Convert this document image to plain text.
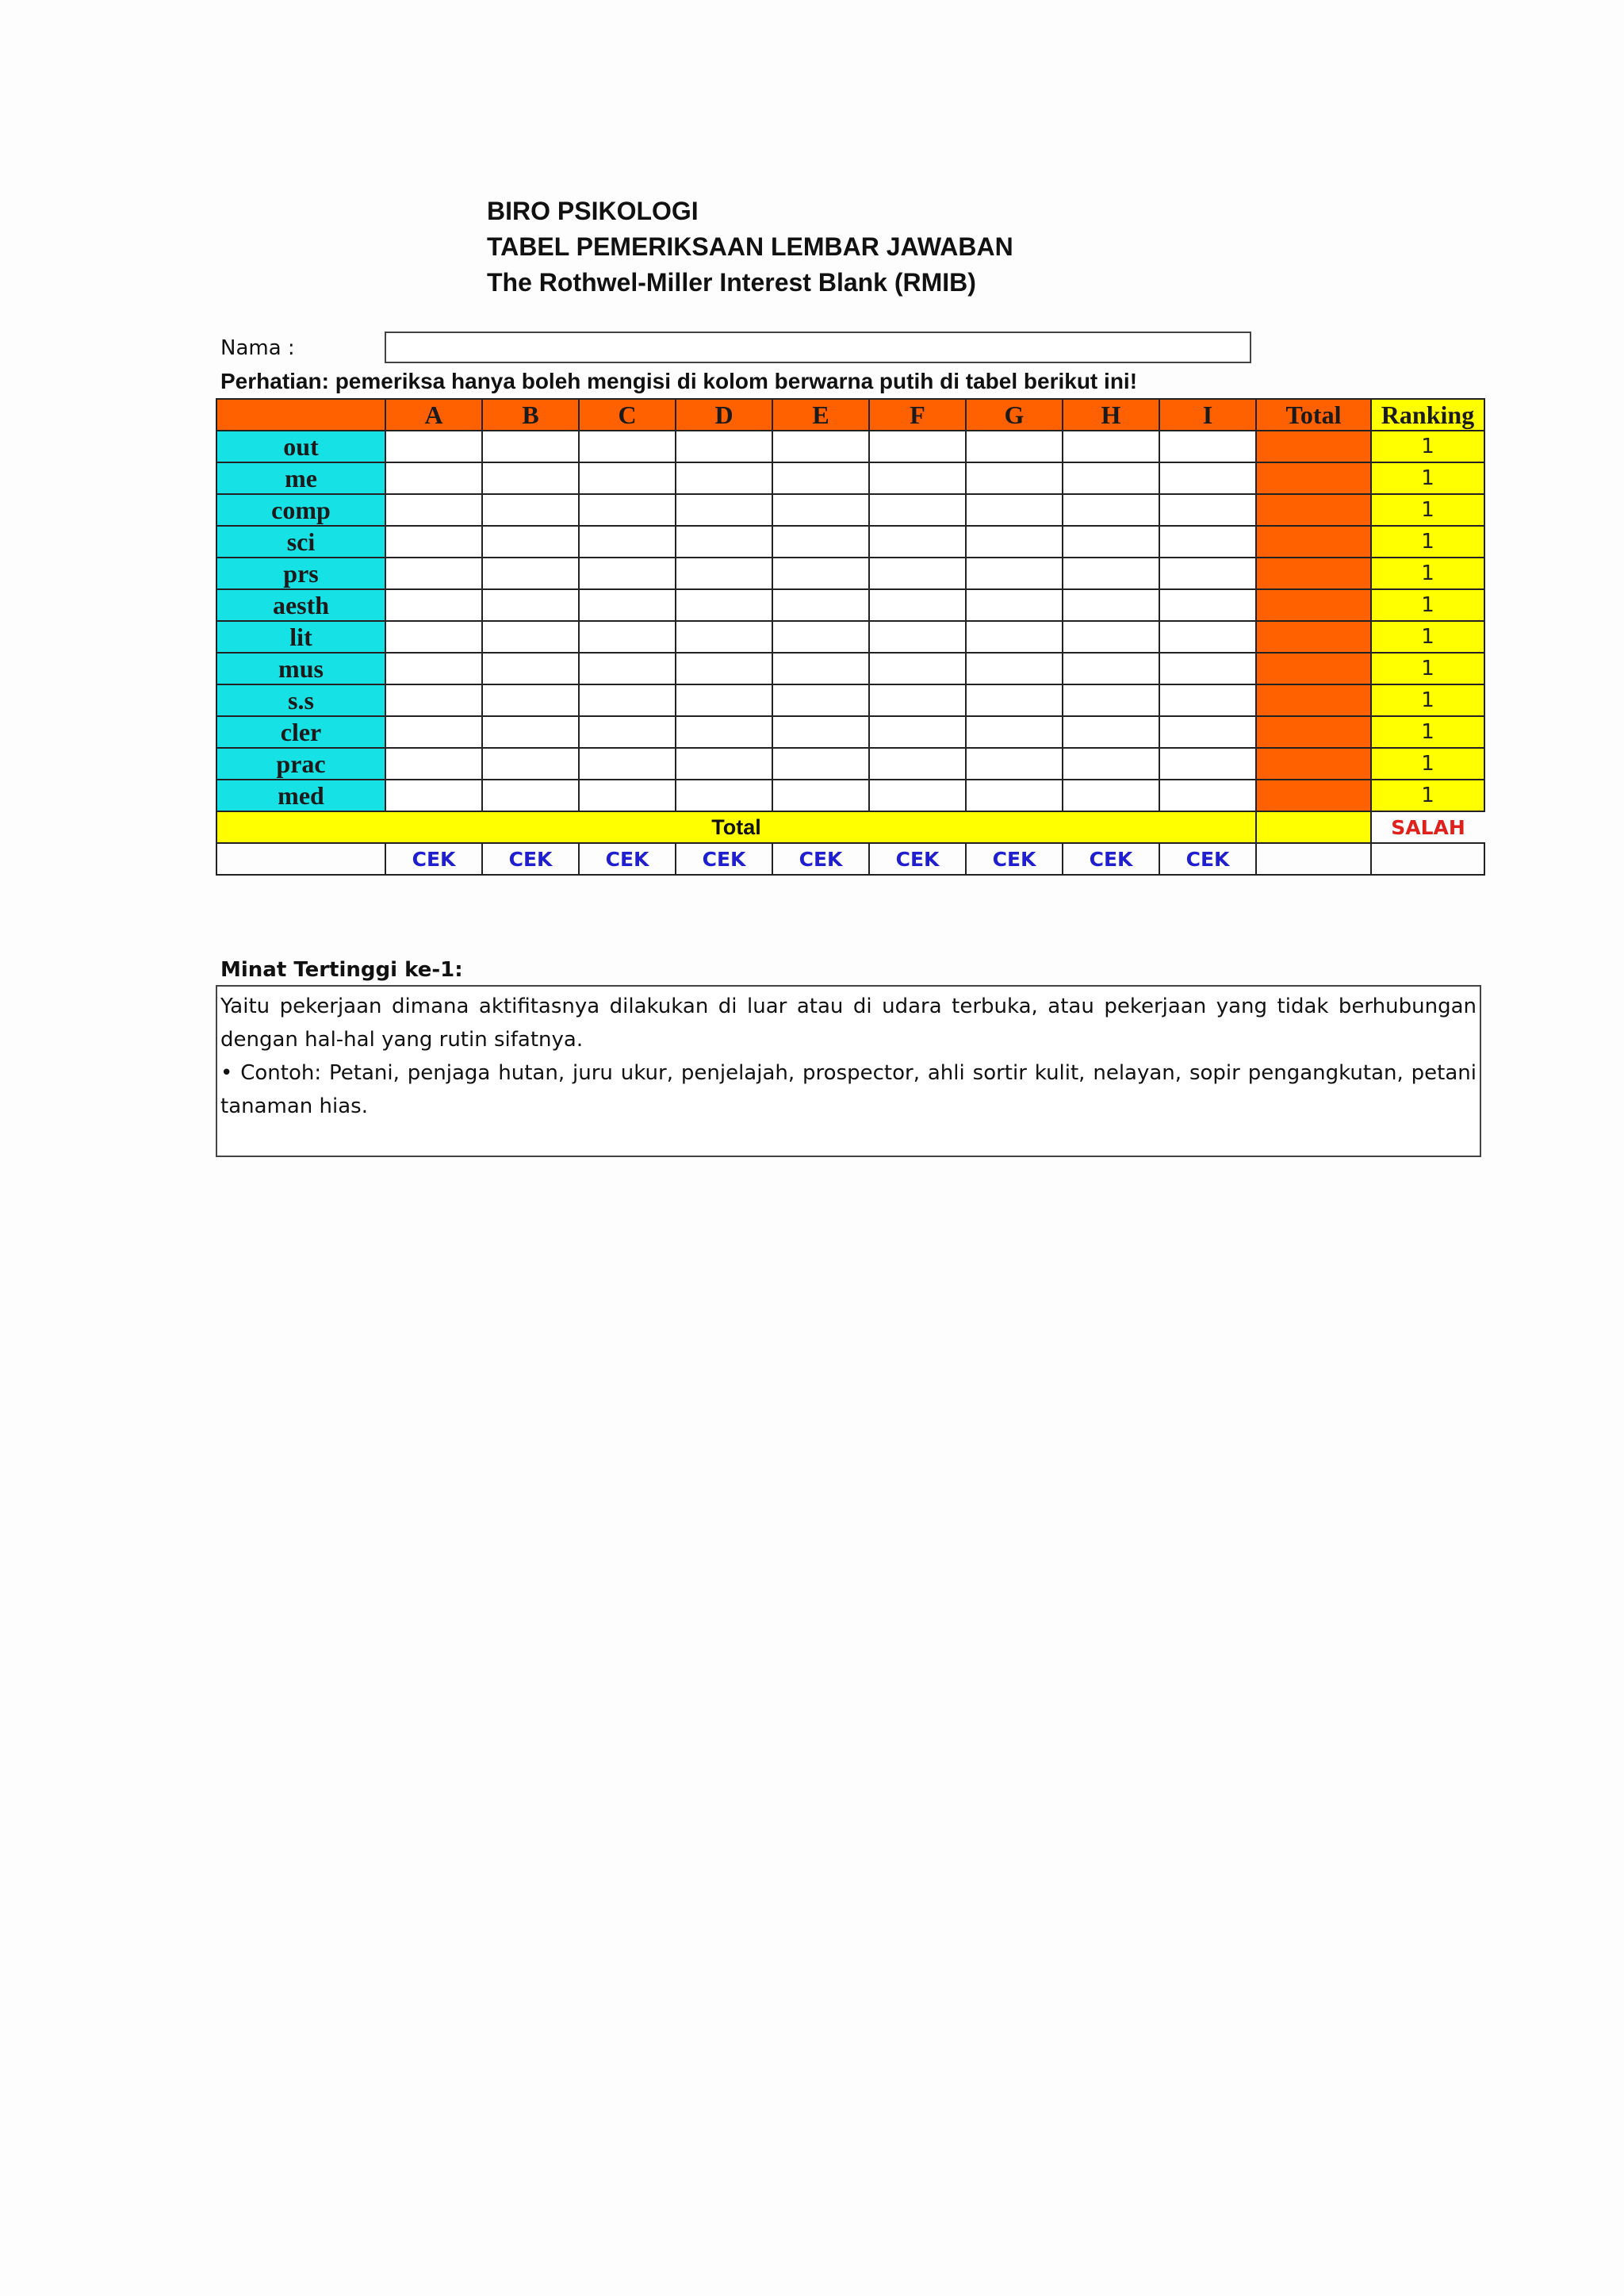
BIRO PSIKOLOGI
TABEL PEMERIKSAAN LEMBAR JAWABAN
The Rothwel-Miller Interest Blank (RMIB)
Nama :
Perhatian: pemeriksa hanya boleh mengisi di kolom berwarna putih di tabel berikut ini!
	A	B	C	D	E	F	G	H	I	Total	Ranking
out											1
me											1
comp											1
sci											1
prs											1
aesth											1
lit											1
mus											1
s.s											1
cler											1
prac											1
med											1
Total											SALAH
	CEK	CEK	CEK	CEK	CEK	CEK	CEK	CEK	CEK		
Minat Tertinggi ke-1:

Yaitu pekerjaan dimana aktifitasnya dilakukan di luar atau di udara terbuka, atau pekerjaan yang tidak berhubungan dengan hal-hal yang rutin sifatnya.

• Contoh: Petani, penjaga hutan, juru ukur, penjelajah, prospector, ahli sortir kulit, nelayan, sopir pengangkutan, petani tanaman hias.
